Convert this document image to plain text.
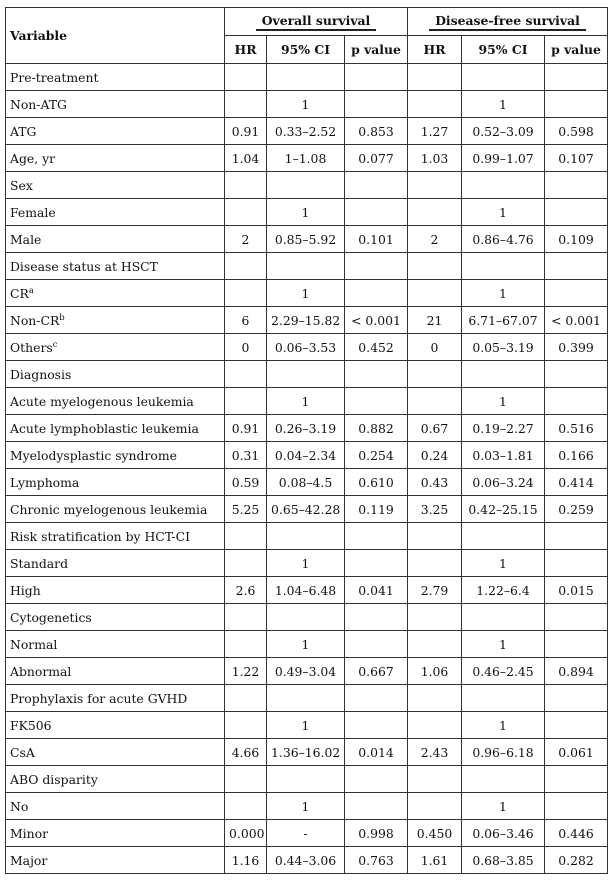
Variable	Overall survival			Disease-free survival		
	HR	95% CI	p value	HR	95% CI	p value
Pre-treatment						
Non-ATG		1			1	
ATG	0.91	0.33–2.52	0.853	1.27	0.52–3.09	0.598
Age, yr	1.04	1–1.08	0.077	1.03	0.99–1.07	0.107
Sex						
Female		1			1	
Male	2	0.85–5.92	0.101	2	0.86–4.76	0.109
Disease status at HSCT						
$CR^a$		1			1	
Non-$CR^b$	6	2.29–15.82	< 0.001	21	6.71–67.07	< 0.001
Others$^c$	0	0.06–3.53	0.452	0	0.05–3.19	0.399
Diagnosis						
Acute myelogenous leukemia		1			1	
Acute lymphoblastic leukemia	0.91	0.26–3.19	0.882	0.67	0.19–2.27	0.516
Myelodysplastic syndrome	0.31	0.04–2.34	0.254	0.24	0.03–1.81	0.166
Lymphoma	0.59	0.08–4.5	0.610	0.43	0.06–3.24	0.414
Chronic myelogenous leukemia	5.25	0.65–42.28	0.119	3.25	0.42–25.15	0.259
Risk stratification by HCT-CI						
Standard		1			1	
High	2.6	1.04–6.48	0.041	2.79	1.22–6.4	0.015
Cytogenetics						
Normal		1			1	
Abnormal	1.22	0.49–3.04	0.667	1.06	0.46–2.45	0.894
Prophylaxis for acute GVHD						
FK506		1			1	
CsA	4.66	1.36–16.02	0.014	2.43	0.96–6.18	0.061
ABO disparity						
No		1			1	
Minor	0.000	-	0.998	0.450	0.06–3.46	0.446
Major	1.16	0.44–3.06	0.763	1.61	0.68–3.85	0.282
